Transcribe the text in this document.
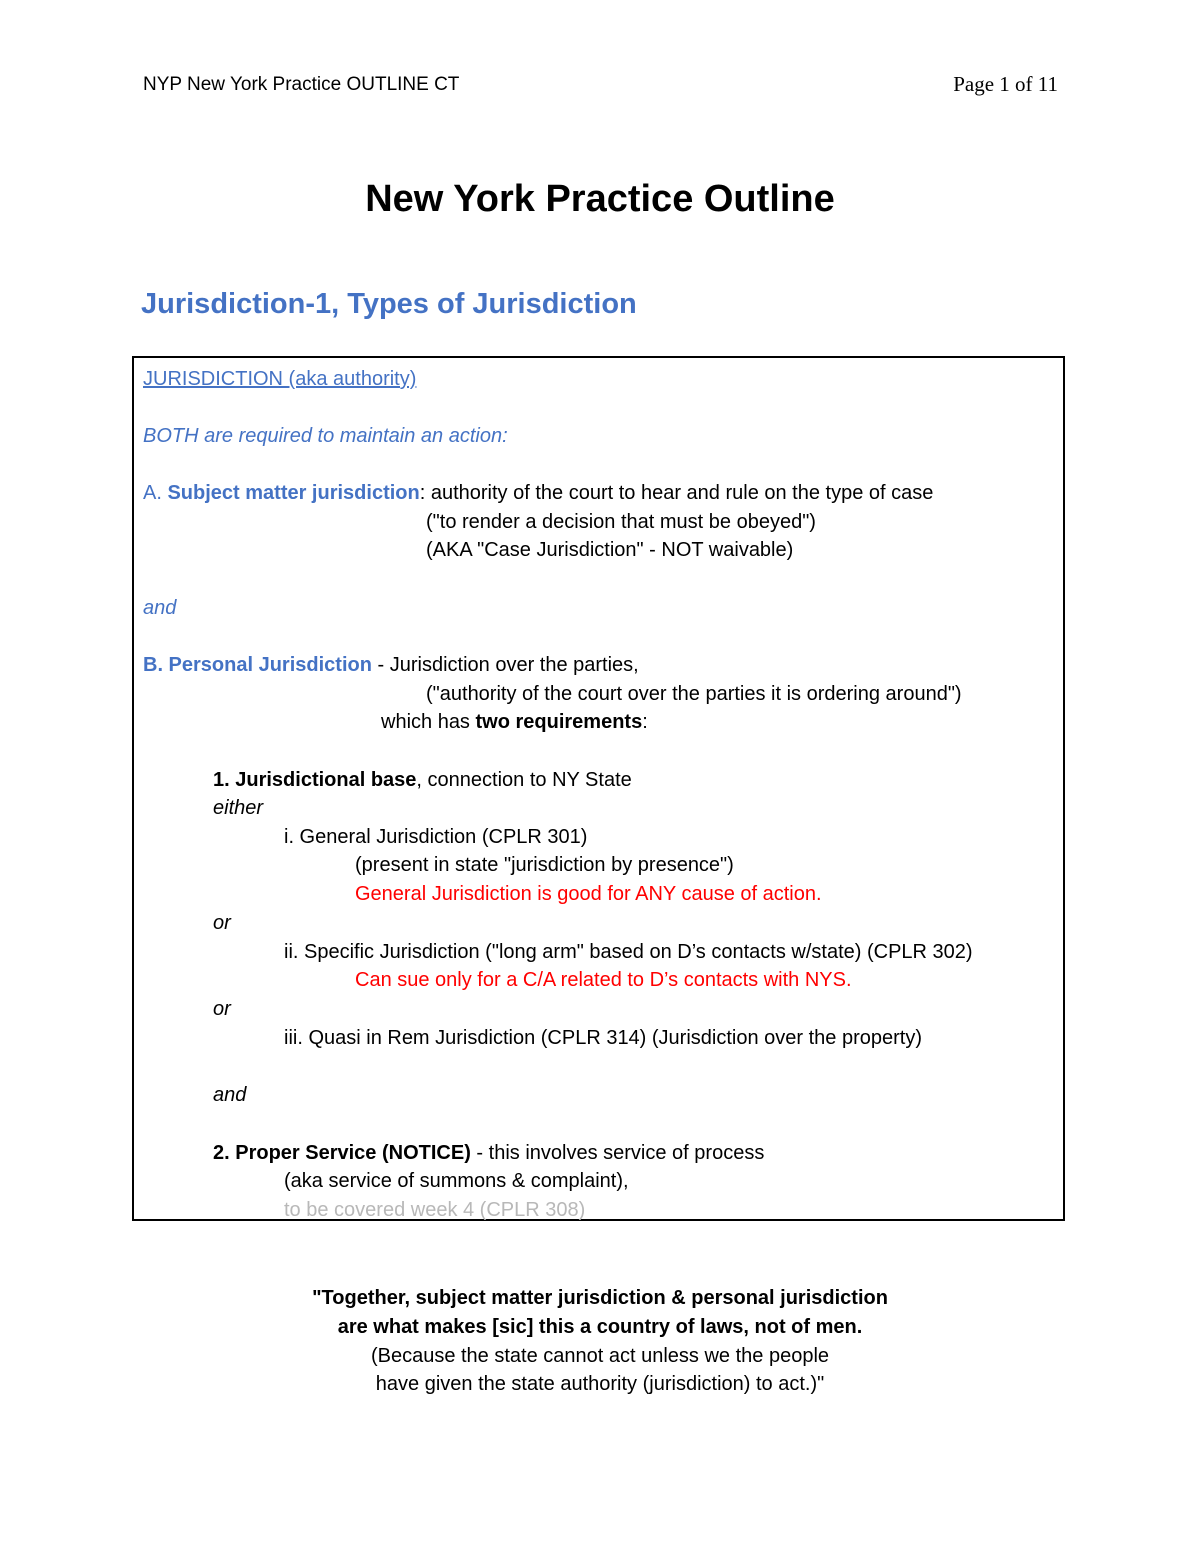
NYP New York Practice OUTLINE CT	Page 1 of 11
New York Practice Outline
Jurisdiction-1, Types of Jurisdiction
JURISDICTION (aka authority)
BOTH are required to maintain an action:
A. Subject matter jurisdiction: authority of the court to hear and rule on the type of case
("to render a decision that must be obeyed")
(AKA "Case Jurisdiction" - NOT waivable)
and
B. Personal Jurisdiction - Jurisdiction over the parties,
("authority of the court over the parties it is ordering around")
which has two requirements:
1. Jurisdictional base, connection to NY State
either
i. General Jurisdiction (CPLR 301)
(present in state "jurisdiction by presence")
General Jurisdiction is good for ANY cause of action.
or
ii. Specific Jurisdiction ("long arm" based on D’s contacts w/state) (CPLR 302)
Can sue only for a C/A related to D’s contacts with NYS.
or
iii. Quasi in Rem Jurisdiction (CPLR 314) (Jurisdiction over the property)
and
2. Proper Service (NOTICE) - this involves service of process
(aka service of summons & complaint),
to be covered week 4 (CPLR 308)
"Together, subject matter jurisdiction & personal jurisdiction
are what makes [sic] this a country of laws, not of men.
(Because the state cannot act unless we the people
have given the state authority (jurisdiction) to act.)"
